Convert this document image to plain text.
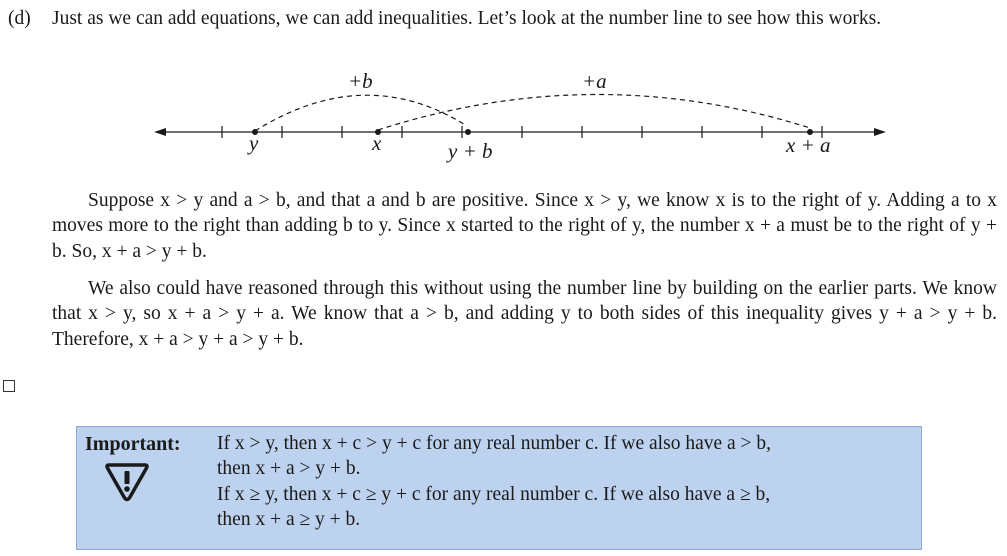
(d) Just as we can add equations, we can add inequalities. Let’s look at the number line to see how this works.
+b	+a
y	x	y + b	x + a
Suppose x > y and a > b, and that a and b are positive. Since x > y, we know x is to the right of y. Adding a to x moves more to the right than adding b to y. Since x started to the right of y, the number x + a must be to the right of y + b. So, x + a > y + b.
We also could have reasoned through this without using the number line by building on the earlier parts. We know that x > y, so x + a > y + a. We know that a > b, and adding y to both sides of this inequality gives y + a > y + b. Therefore, x + a > y + a > y + b.
Important: If x > y, then x + c > y + c for any real number c. If we also have a > b,
then x + a > y + b.
If x ≥ y, then x + c ≥ y + c for any real number c. If we also have a ≥ b,
then x + a ≥ y + b.
